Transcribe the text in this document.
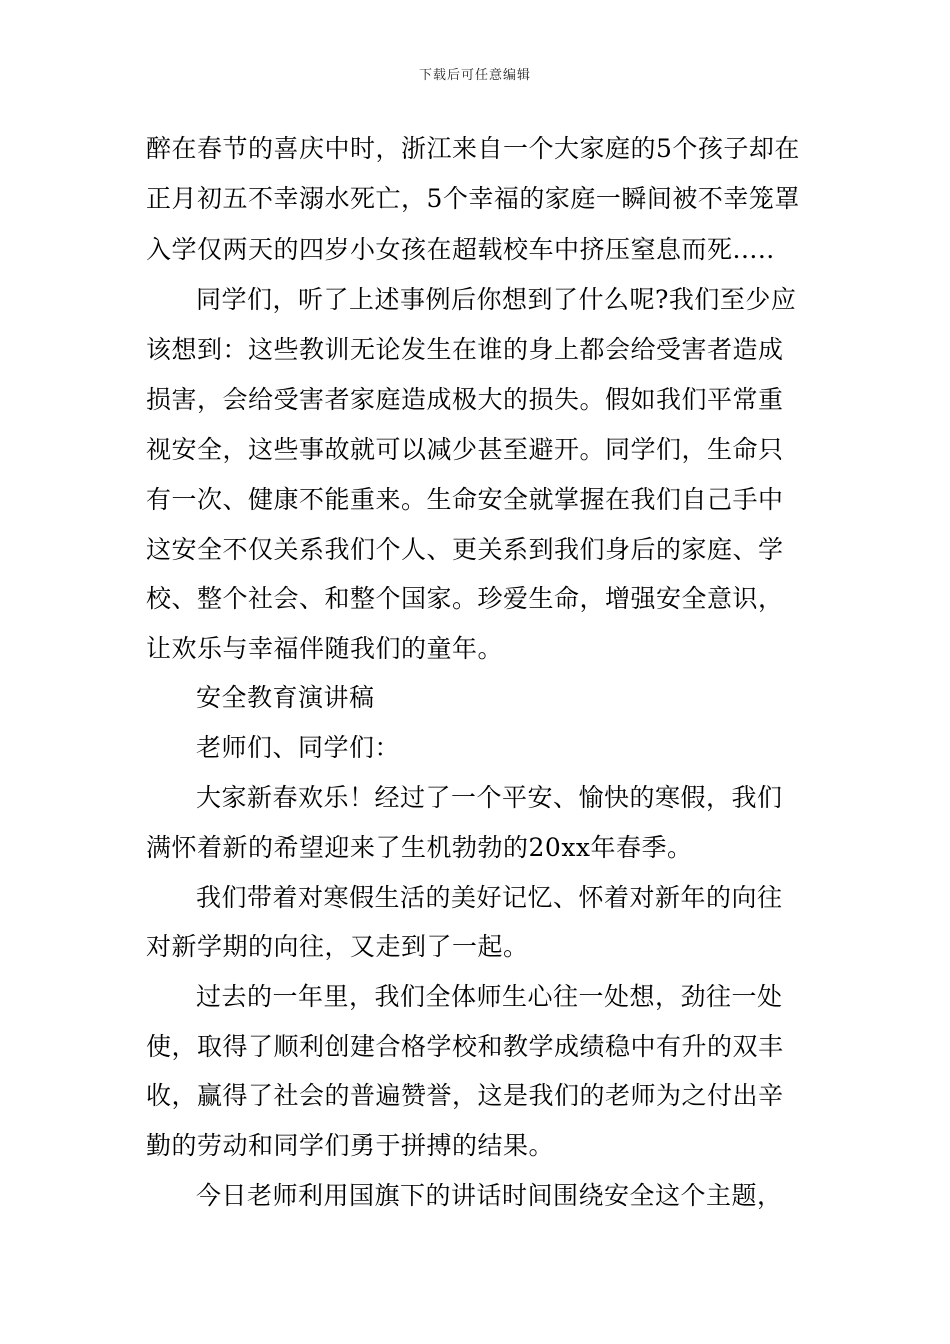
下载后可任意编辑
醉在春节的喜庆中时，浙江来自一个大家庭的5个孩子却在
正月初五不幸溺水死亡，5个幸福的家庭一瞬间被不幸笼罩
入学仅两天的四岁小女孩在超载校车中挤压窒息而死.....
同学们，听了上述事例后你想到了什么呢?我们至少应
该想到：这些教训无论发生在谁的身上都会给受害者造成
损害，会给受害者家庭造成极大的损失。假如我们平常重
视安全，这些事故就可以减少甚至避开。同学们，生命只
有一次、健康不能重来。生命安全就掌握在我们自己手中
这安全不仅关系我们个人、更关系到我们身后的家庭、学
校、整个社会、和整个国家。珍爱生命，增强安全意识，
让欢乐与幸福伴随我们的童年。
安全教育演讲稿
老师们、同学们：
大家新春欢乐！经过了一个平安、愉快的寒假，我们
满怀着新的希望迎来了生机勃勃的20xx年春季。
我们带着对寒假生活的美好记忆、怀着对新年的向往
对新学期的向往，又走到了一起。
过去的一年里，我们全体师生心往一处想，劲往一处
使，取得了顺利创建合格学校和教学成绩稳中有升的双丰
收，赢得了社会的普遍赞誉，这是我们的老师为之付出辛
勤的劳动和同学们勇于拼搏的结果。
今日老师利用国旗下的讲话时间围绕安全这个主题，
